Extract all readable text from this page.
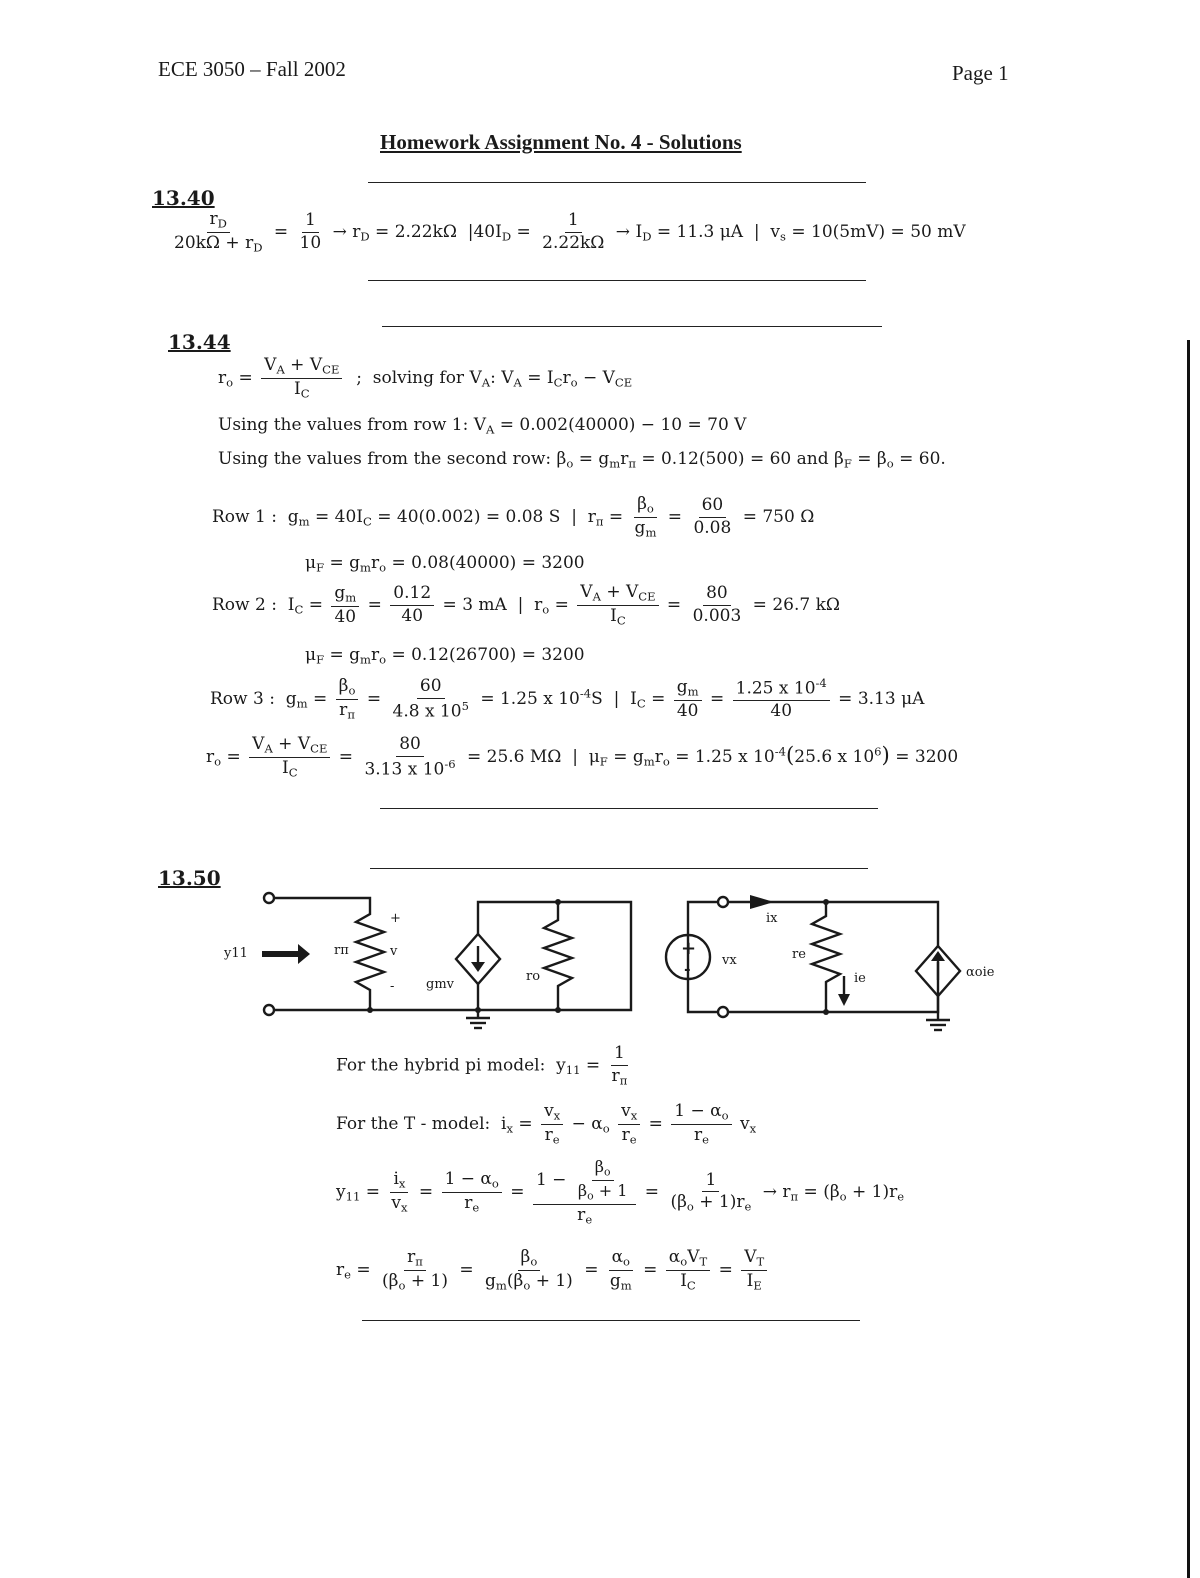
ECE 3050 – Fall 2002	Page 1
Homework Assignment No. 4 - Solutions
13.40
$\frac{r_D}{20k\Omega + r_D} = \frac{1}{10} \to r_D = 2.22k\Omega$  $|40I_D = \frac{1}{2.22k\Omega} \to I_D = 11.3$ μA  |  $v_s = 10(5mV) = 50$ mV
13.44
$r_o = \frac{V_A + V_{CE}}{I_C}$ ;  solving for $V_A$: $V_A = I_Cr_o - V_{CE}$
Using the values from row 1: $V_A = 0.002(40000) - 10 = 70$ V
Using the values from the second row: $\beta_o = g_mr_\pi = 0.12(500) = 60$ and $\beta_F = \beta_o = 60$.
Row 1 :  $g_m = 40I_C = 40(0.002) = 0.08$ S  |  $r_\pi = \frac{\beta_o}{g_m} = \frac{60}{0.08} = 750$ Ω
$\mu_F = g_mr_o = 0.08(40000) = 3200$
Row 2 :  $I_C = \frac{g_m}{40} = \frac{0.12}{40} = 3$ mA  |  $r_o = \frac{V_A + V_{CE}}{I_C} = \frac{80}{0.003} = 26.7$ kΩ
$\mu_F = g_mr_o = 0.12(26700) = 3200$
Row 3 :  $g_m = \frac{\beta_o}{r_\pi} = \frac{60}{4.8 x 10^5} = 1.25$ x $10^{-4}S$  |  $I_C = \frac{g_m}{40} = \frac{1.25 x 10^{-4}}{40} = 3.13$ μA
$r_o = \frac{V_A + V_{CE}}{I_C} = \frac{80}{3.13 x 10^{-6}} = 25.6$ MΩ  |  $\mu_F = g_mr_o = 1.25$ x $10^{-4}(25.6$ x $10^6) = 3200$
13.50
y11	rπ
+
v
- gmv
ro
ix
vx	re
ie	αoie
+
-
For the hybrid pi model:  $y_{11} = \frac{1}{r_\pi}$
For the T - model:  $i_x = \frac{v_x}{r_e} - \alpha_o \frac{v_x}{r_e} = \frac{1 - \alpha_o}{r_e} v_x$
$y_{11} = \frac{i_x}{v_x} = \frac{1 - \alpha_o}{r_e} = \frac{1 - \frac{\beta_o}{\beta_o + 1}}{r_e} = \frac{1}{(\beta_o + 1)r_e} \to r_\pi = (\beta_o + 1)r_e$
$r_e = \frac{r_\pi}{(\beta_o + 1)} = \frac{\beta_o}{g_m(\beta_o + 1)} = \frac{\alpha_o}{g_m} = \frac{\alpha_oV_T}{I_C} = \frac{V_T}{I_E}$
